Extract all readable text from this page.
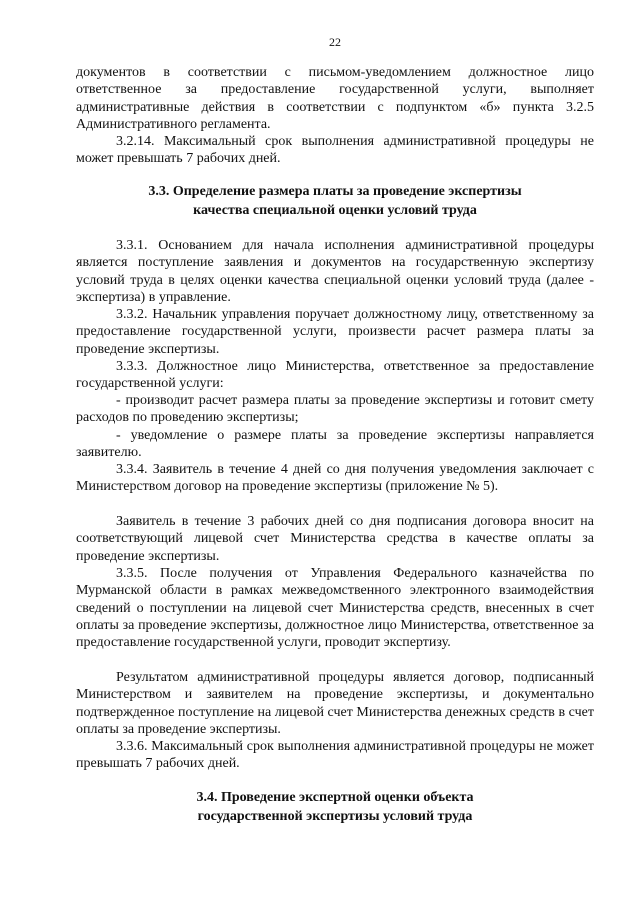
22
документов в соответствии с письмом-уведомлением должностное лицо ответственное за предоставление государственной услуги, выполняет административные действия в соответствии с подпунктом «б» пункта 3.2.5 Административного регламента.
3.2.14. Максимальный срок выполнения административной процедуры не может превышать 7 рабочих дней.
3.3. Определение размера платы за проведение экспертизы
качества специальной оценки условий труда
3.3.1. Основанием для начала исполнения административной процедуры является поступление заявления и документов на государственную экспертизу условий труда в целях оценки качества специальной оценки условий труда (далее - экспертиза) в управление.
3.3.2. Начальник управления поручает должностному лицу, ответственному за предоставление государственной услуги, произвести расчет размера платы за проведение экспертизы.
3.3.3. Должностное лицо Министерства, ответственное за предоставление государственной услуги:
- производит расчет размера платы за проведение экспертизы и готовит смету расходов по проведению экспертизы;
- уведомление о размере платы за проведение экспертизы направляется заявителю.
3.3.4. Заявитель в течение 4 дней со дня получения уведомления заключает с Министерством договор на проведение экспертизы (приложение № 5).
Заявитель в течение 3 рабочих дней со дня подписания договора вносит на соответствующий лицевой счет Министерства средства в качестве оплаты за проведение экспертизы.
3.3.5. После получения от Управления Федерального казначейства по Мурманской области в рамках межведомственного электронного взаимодействия сведений о поступлении на лицевой счет Министерства средств, внесенных в счет оплаты за проведение экспертизы, должностное лицо Министерства, ответственное за предоставление государственной услуги, проводит экспертизу.
Результатом административной процедуры является договор, подписанный Министерством и заявителем на проведение экспертизы, и документально подтвержденное поступление на лицевой счет Министерства денежных средств в счет оплаты за проведение экспертизы.
3.3.6. Максимальный срок выполнения административной процедуры не может превышать 7 рабочих дней.
3.4. Проведение экспертной оценки объекта
государственной экспертизы условий труда
